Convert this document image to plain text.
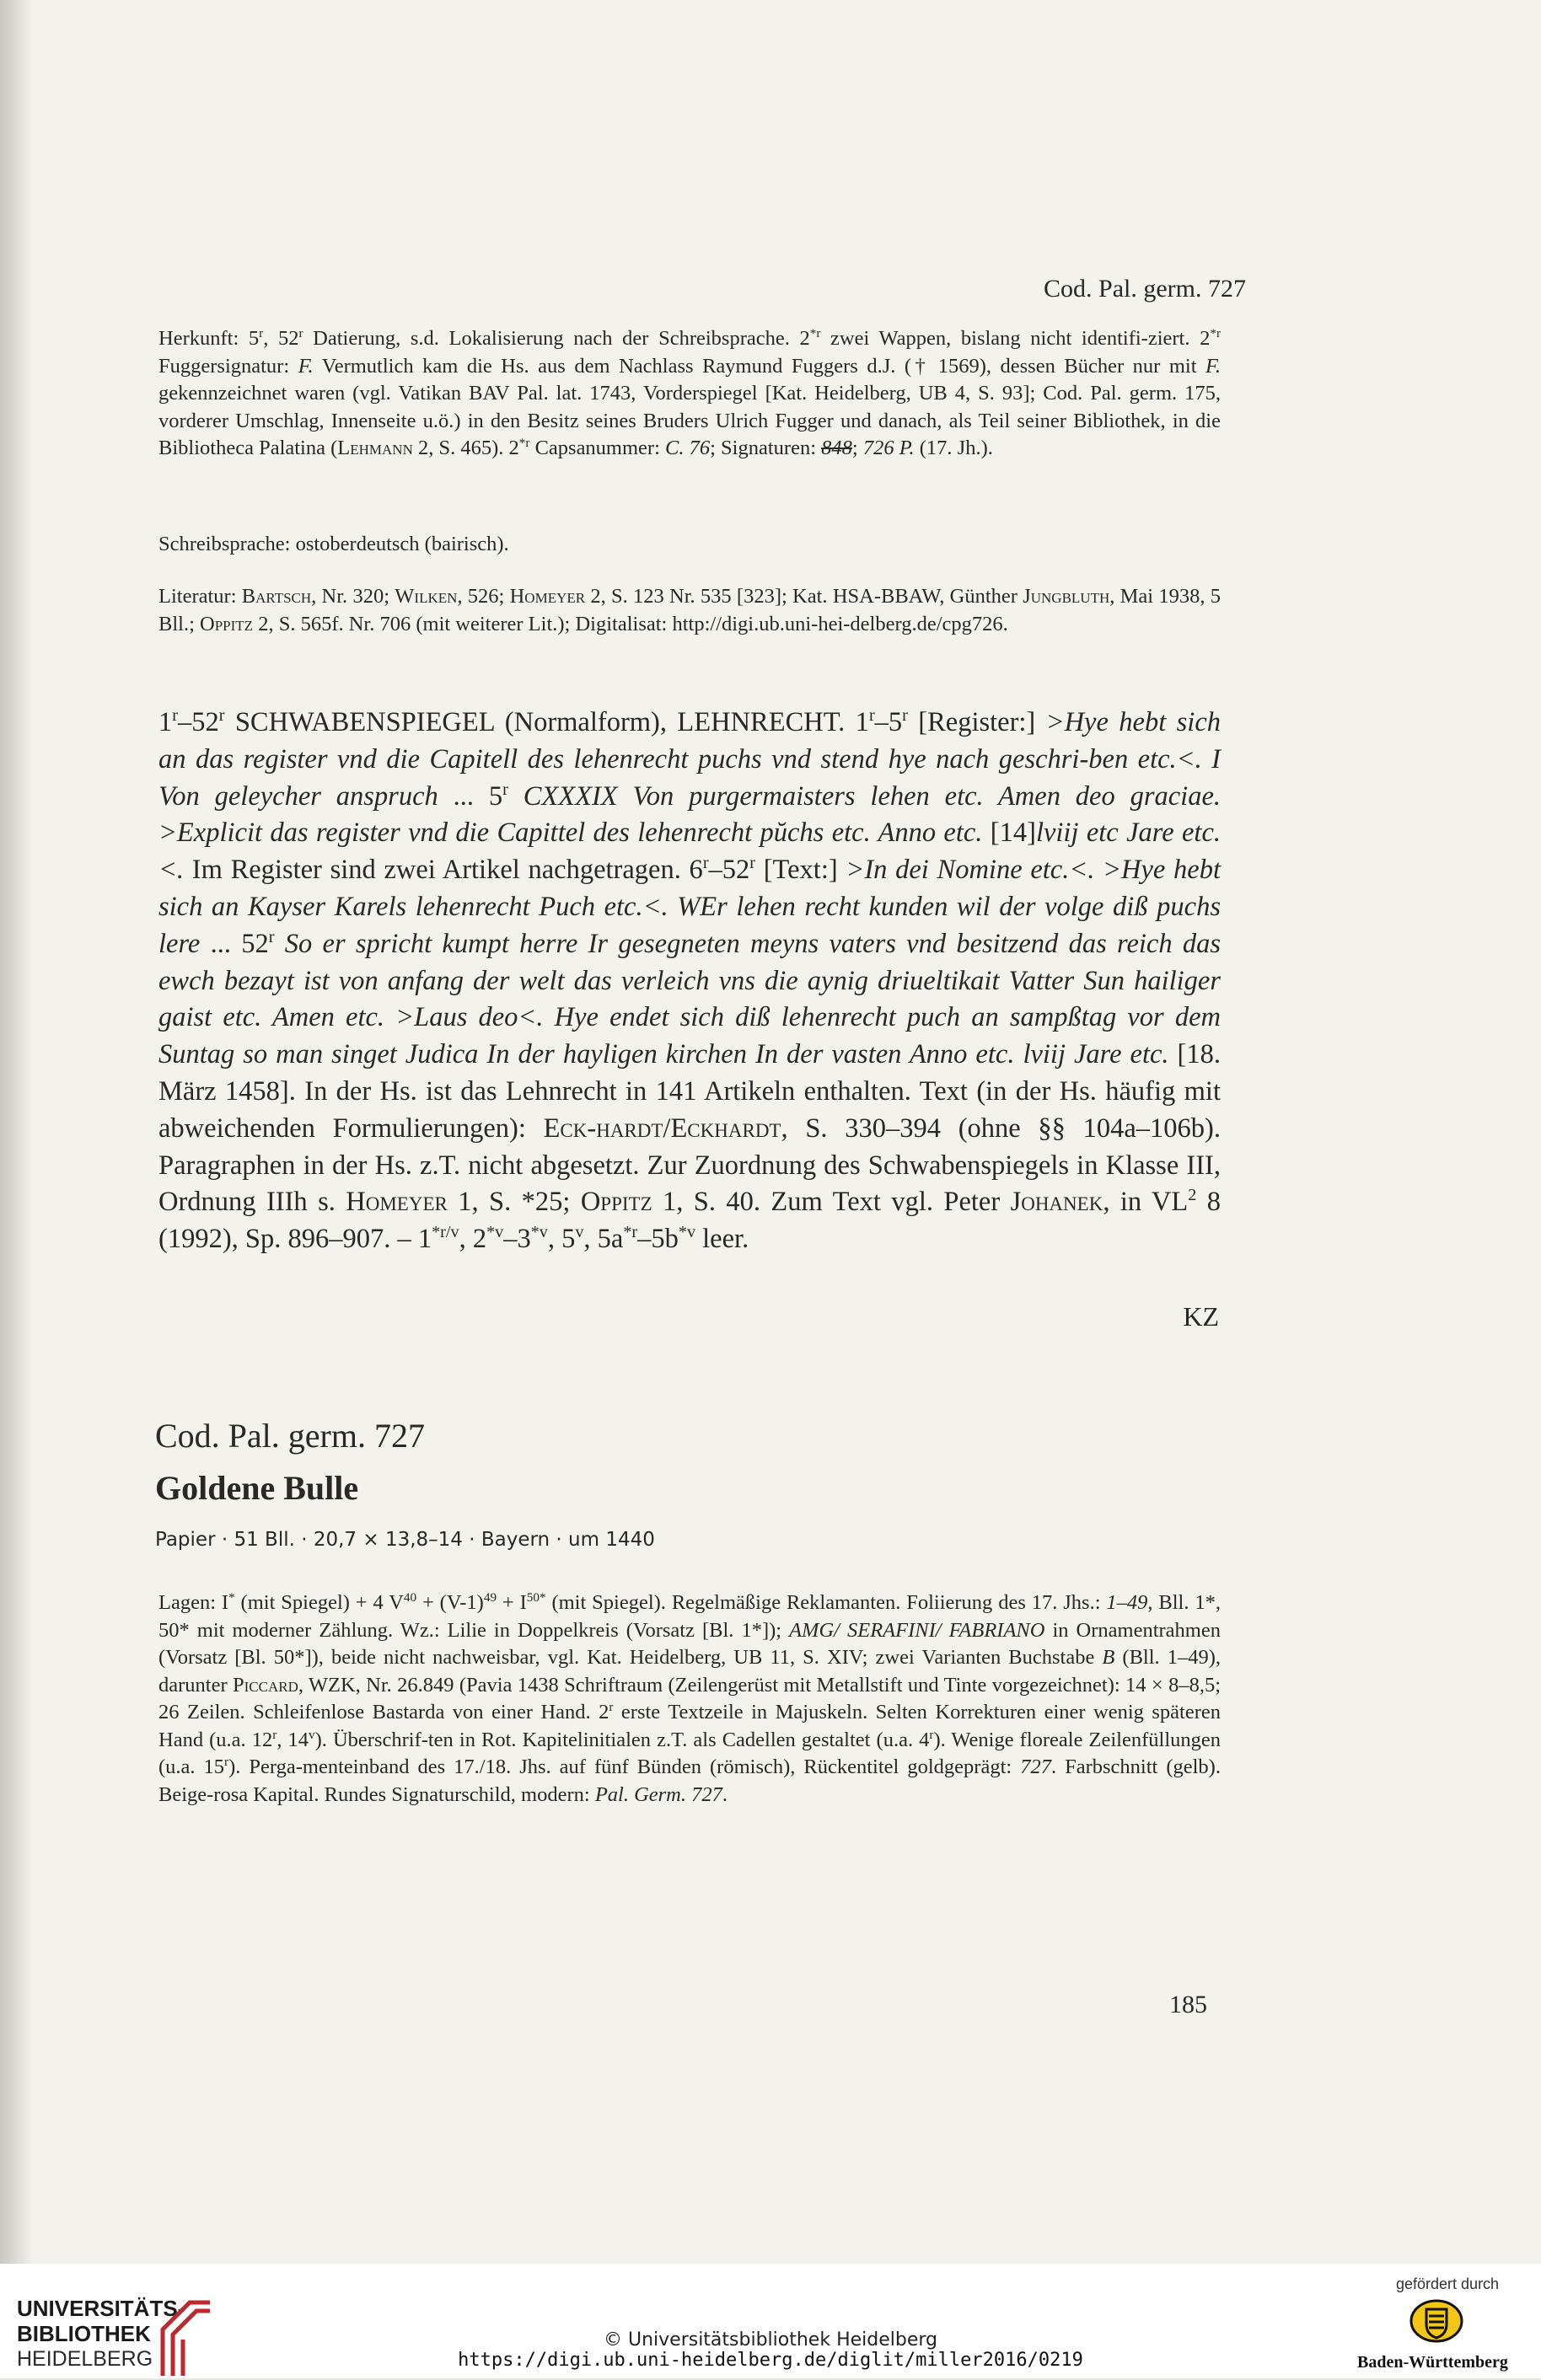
Cod. Pal. germ. 727

Herkunft: 5$^r$, 52$^r$ Datierung, s.d. Lokalisierung nach der Schreibsprache. 2$^{*r}$ zwei Wappen, bislang nicht identifi-ziert. 2$^{*r}$ Fuggersignatur: F. Vermutlich kam die Hs. aus dem Nachlass Raymund Fuggers d.J. († 1569), dessen Bücher nur mit F. gekennzeichnet waren (vgl. Vatikan BAV Pal. lat. 1743, Vorderspiegel [Kat. Heidelberg, UB 4, S. 93]; Cod. Pal. germ. 175, vorderer Umschlag, Innenseite u.ö.) in den Besitz seines Bruders Ulrich Fugger und danach, als Teil seiner Bibliothek, in die Bibliotheca Palatina (Lehmann 2, S. 465). 2$^{*r}$ Capsanummer: C. 76; Signaturen: 848; 726 P. (17. Jh.).

Schreibsprache: ostoberdeutsch (bairisch).

Literatur: Bartsch, Nr. 320; Wilken, 526; Homeyer 2, S. 123 Nr. 535 [323]; Kat. HSA-BBAW, Günther Jungbluth, Mai 1938, 5 Bll.; Oppitz 2, S. 565f. Nr. 706 (mit weiterer Lit.); Digitalisat: http://digi.ub.uni-hei-delberg.de/cpg726.

1$^r$–52$^r$ SCHWABENSPIEGEL (Normalform), LEHNRECHT. 1$^r$–5$^r$ [Register:] >Hye hebt sich an das register vnd die Capitell des lehenrecht puchs vnd stend hye nach geschri-ben etc.<. I Von geleycher anspruch ... 5$^r$ CXXXIX Von purgermaisters lehen etc. Amen deo graciae. >Explicit das register vnd die Capittel des lehenrecht pŭchs etc. Anno etc. [14]lviij etc Jare etc.<. Im Register sind zwei Artikel nachgetragen. 6$^r$–52$^r$ [Text:] >In dei Nomine etc.<. >Hye hebt sich an Kayser Karels lehenrecht Puch etc.<. WEr lehen recht kunden wil der volge diß puchs lere ... 52$^r$ So er spricht kumpt herre Ir gesegneten meyns vaters vnd besitzend das reich das ewch bezayt ist von anfang der welt das verleich vns die aynig driueltikait Vatter Sun hailiger gaist etc. Amen etc. >Laus deo<. Hye endet sich diß lehenrecht puch an sampßtag vor dem Suntag so man singet Judica In der hayligen kirchen In der vasten Anno etc. lviij Jare etc. [18. März 1458]. In der Hs. ist das Lehnrecht in 141 Artikeln enthalten. Text (in der Hs. häufig mit abweichenden Formulierungen): Eck-hardt/Eckhardt, S. 330–394 (ohne §§ 104a–106b). Paragraphen in der Hs. z.T. nicht abgesetzt. Zur Zuordnung des Schwabenspiegels in Klasse III, Ordnung IIIh s. Homeyer 1, S. *25; Oppitz 1, S. 40. Zum Text vgl. Peter Johanek, in $VL^2$ 8 (1992), Sp. 896–907. – $1^{*r/v}$, 2$^{*v}$–3$^{*v}$, 5$^v$, $5a^{*r}-5b^{*v}$ leer.

KZ
Cod. Pal. germ. 727
Goldene Bulle
Papier · 51 Bll. · 20,7 × 13,8–14 · Bayern · um 1440

Lagen: I* (mit Spiegel) + 4 $V^{40} + (V-1)^{49} + I^{50*}$ (mit Spiegel). Regelmäßige Reklamanten. Foliierung des 17. Jhs.: 1–49, Bll. 1*, 50* mit moderner Zählung. Wz.: Lilie in Doppelkreis (Vorsatz [Bl. 1*]); AMG/ SERAFINI/ FABRIANO in Ornamentrahmen (Vorsatz [Bl. 50*]), beide nicht nachweisbar, vgl. Kat. Heidelberg, UB 11, S. XIV; zwei Varianten Buchstabe B (Bll. 1–49), darunter Piccard, WZK, Nr. 26.849 (Pavia 1438 Schriftraum (Zeilengerüst mit Metallstift und Tinte vorgezeichnet): 14 × 8–8,5; 26 Zeilen. Schleifenlose Bastarda von einer Hand. 2$^r$ erste Textzeile in Majuskeln. Selten Korrekturen einer wenig späteren Hand (u.a. 12$^r$, 14$^v$). Überschrif-ten in Rot. Kapitelinitialen z.T. als Cadellen gestaltet (u.a. 4$^r$). Wenige floreale Zeilenfüllungen (u.a. 15$^r$). Perga-menteinband des 17./18. Jhs. auf fünf Bünden (römisch), Rückentitel goldgeprägt: 727. Farbschnitt (gelb). Beige-rosa Kapital. Rundes Signaturschild, modern: Pal. Germ. 727.

185
UNIVERSITÄTS-
BIBLIOTHEK
HEIDELBERG
© Universitätsbibliothek Heidelberg
https://digi.ub.uni-heidelberg.de/diglit/miller2016/0219
gefördert durch
Baden-Württemberg
